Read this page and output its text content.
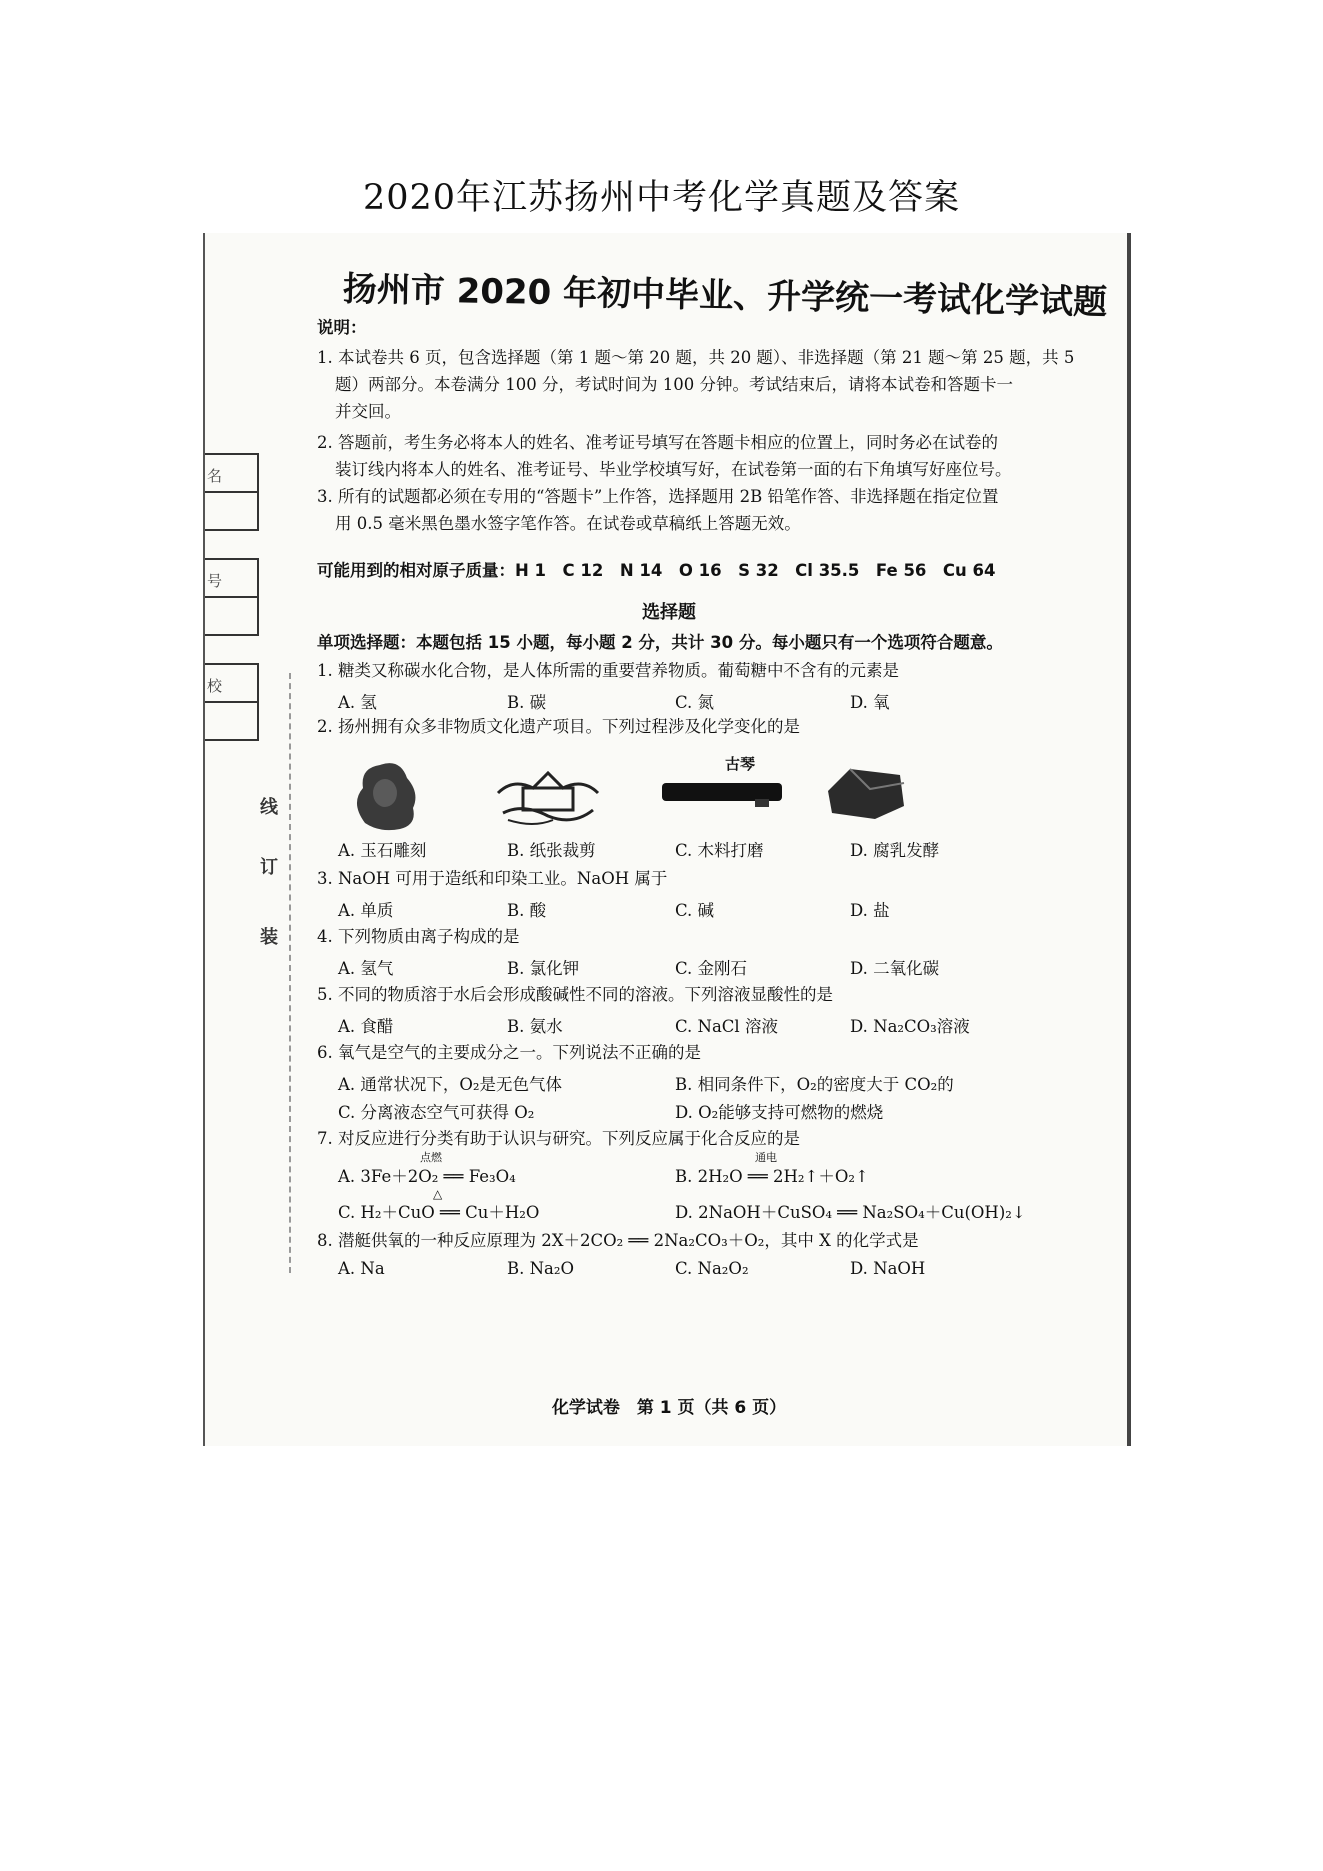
2020年江苏扬州中考化学真题及答案
名
号
校
装
订
线
扬州市 2020 年初中毕业、升学统一考试化学试题
说明：
1. 本试卷共 6 页，包含选择题（第 1 题～第 20 题，共 20 题）、非选择题（第 21 题～第 25 题，共 5
题）两部分。本卷满分 100 分，考试时间为 100 分钟。考试结束后，请将本试卷和答题卡一
并交回。
2. 答题前，考生务必将本人的姓名、准考证号填写在答题卡相应的位置上，同时务必在试卷的
装订线内将本人的姓名、准考证号、毕业学校填写好，在试卷第一面的右下角填写好座位号。
3. 所有的试题都必须在专用的“答题卡”上作答，选择题用 2B 铅笔作答、非选择题在指定位置
用 0.5 毫米黑色墨水签字笔作答。在试卷或草稿纸上答题无效。
可能用到的相对原子质量：H 1　C 12　N 14　O 16　S 32　Cl 35.5　Fe 56　Cu 64
选择题
单项选择题：本题包括 15 小题，每小题 2 分，共计 30 分。每小题只有一个选项符合题意。
1. 糖类又称碳水化合物，是人体所需的重要营养物质。葡萄糖中不含有的元素是
A. 氢	B. 碳	C. 氮	D. 氧
2. 扬州拥有众多非物质文化遗产项目。下列过程涉及化学变化的是
古琴
A. 玉石雕刻	B. 纸张裁剪	C. 木料打磨	D. 腐乳发酵
3. NaOH 可用于造纸和印染工业。NaOH 属于
A. 单质	B. 酸	C. 碱	D. 盐
4. 下列物质由离子构成的是
A. 氢气	B. 氯化钾	C. 金刚石	D. 二氧化碳
5. 不同的物质溶于水后会形成酸碱性不同的溶液。下列溶液显酸性的是
A. 食醋	B. 氨水	C. NaCl 溶液	D. Na₂CO₃溶液
6. 氧气是空气的主要成分之一。下列说法不正确的是
A. 通常状况下，O₂是无色气体	B. 相同条件下，O₂的密度大于 CO₂的
C. 分离液态空气可获得 O₂	D. O₂能够支持可燃物的燃烧
7. 对反应进行分类有助于认识与研究。下列反应属于化合反应的是
点燃
A. 3Fe＋2O₂ ══ Fe₃O₄
通电
B. 2H₂O ══ 2H₂↑＋O₂↑
△
C. H₂＋CuO ══ Cu＋H₂O	D. 2NaOH＋CuSO₄ ══ Na₂SO₄＋Cu(OH)₂↓
8. 潜艇供氧的一种反应原理为 2X＋2CO₂ ══ 2Na₂CO₃＋O₂，其中 X 的化学式是
A. Na	B. Na₂O	C. Na₂O₂	D. NaOH
化学试卷　第 1 页（共 6 页）
